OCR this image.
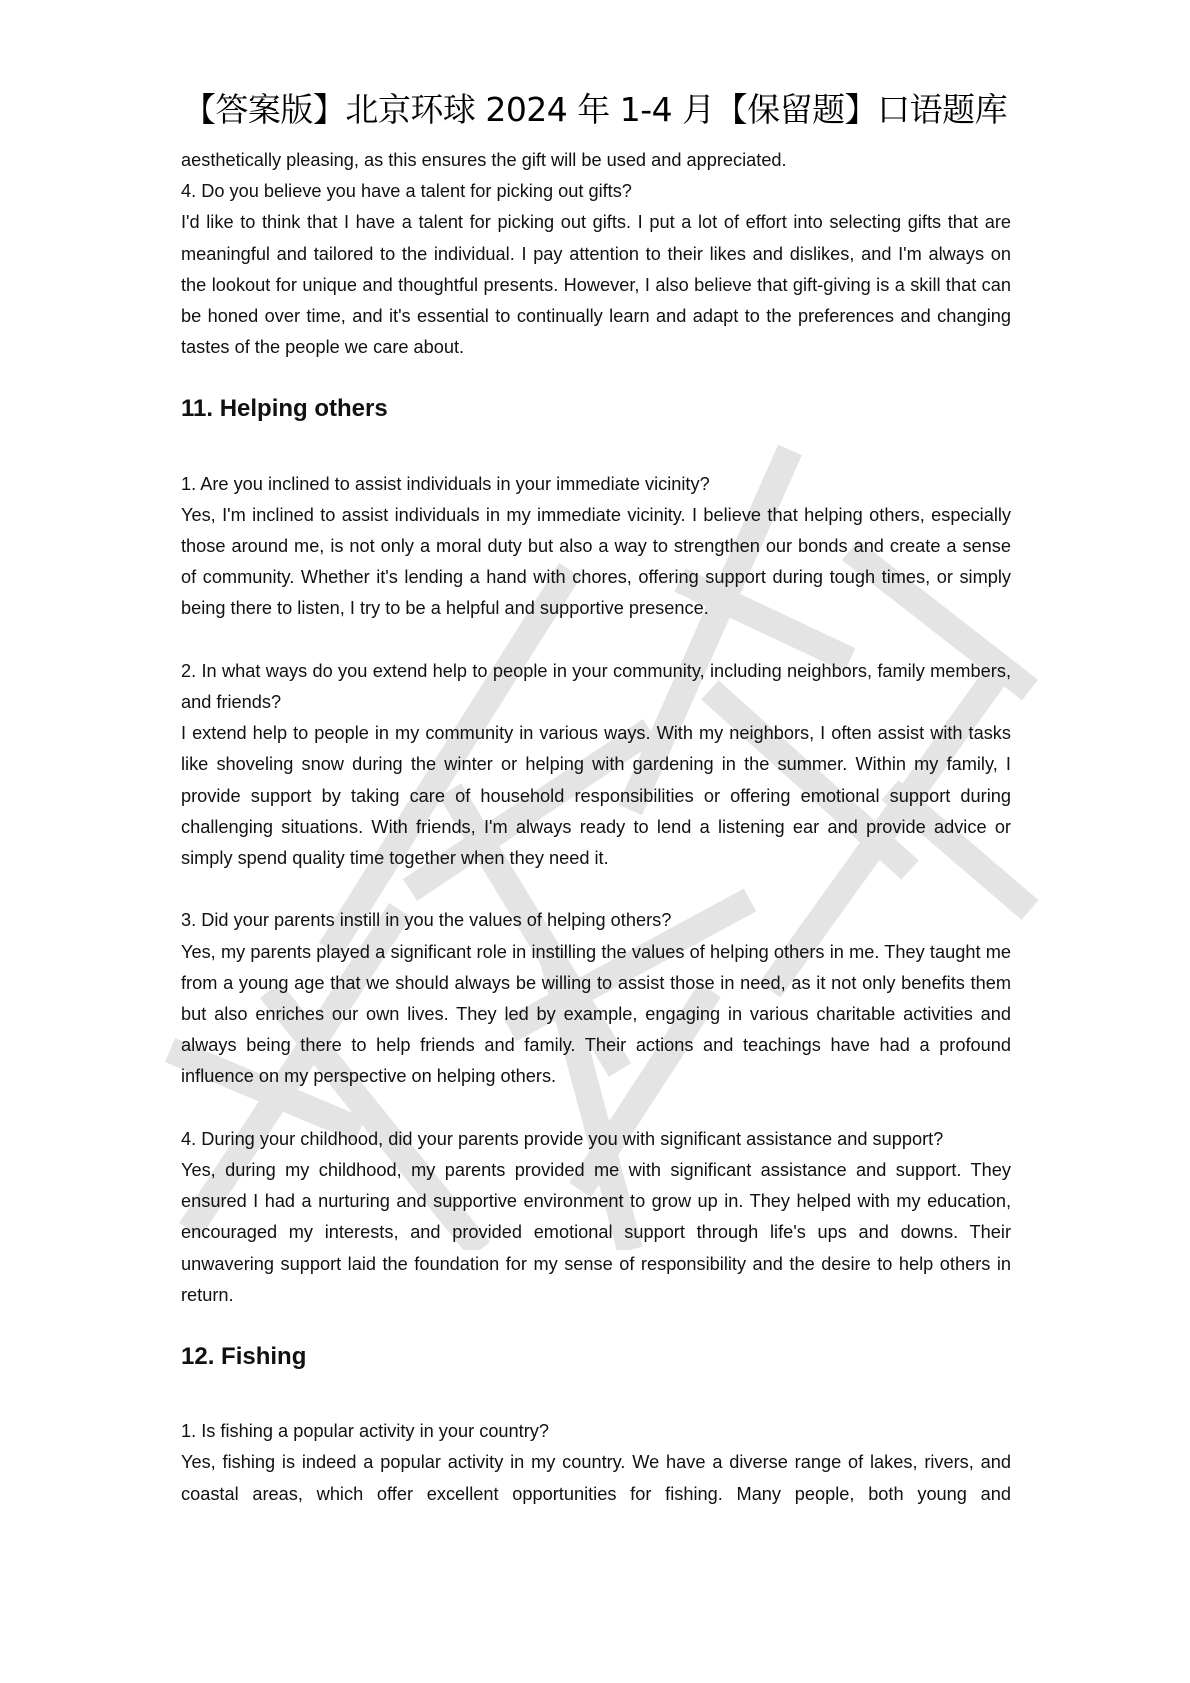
【答案版】北京环球 2024 年 1-4 月【保留题】口语题库

aesthetically pleasing, as this ensures the gift will be used and appreciated.

4. Do you believe you have a talent for picking out gifts?

I'd like to think that I have a talent for picking out gifts. I put a lot of effort into selecting gifts that are meaningful and tailored to the individual. I pay attention to their likes and dislikes, and I'm always on the lookout for unique and thoughtful presents. However, I also believe that gift-giving is a skill that can be honed over time, and it's essential to continually learn and adapt to the preferences and changing tastes of the people we care about.

11. Helping others

1. Are you inclined to assist individuals in your immediate vicinity?

Yes, I'm inclined to assist individuals in my immediate vicinity. I believe that helping others, especially those around me, is not only a moral duty but also a way to strengthen our bonds and create a sense of community. Whether it's lending a hand with chores, offering support during tough times, or simply being there to listen, I try to be a helpful and supportive presence.

2. In what ways do you extend help to people in your community, including neighbors, family members, and friends?

I extend help to people in my community in various ways. With my neighbors, I often assist with tasks like shoveling snow during the winter or helping with gardening in the summer. Within my family, I provide support by taking care of household responsibilities or offering emotional support during challenging situations. With friends, I'm always ready to lend a listening ear and provide advice or simply spend quality time together when they need it.

3. Did your parents instill in you the values of helping others?

Yes, my parents played a significant role in instilling the values of helping others in me. They taught me from a young age that we should always be willing to assist those in need, as it not only benefits them but also enriches our own lives. They led by example, engaging in various charitable activities and always being there to help friends and family. Their actions and teachings have had a profound influence on my perspective on helping others.

4. During your childhood, did your parents provide you with significant assistance and support?

Yes, during my childhood, my parents provided me with significant assistance and support. They ensured I had a nurturing and supportive environment to grow up in. They helped with my education, encouraged my interests, and provided emotional support through life's ups and downs. Their unwavering support laid the foundation for my sense of responsibility and the desire to help others in return.

12. Fishing

1. Is fishing a popular activity in your country?

Yes, fishing is indeed a popular activity in my country. We have a diverse range of lakes, rivers, and coastal areas, which offer excellent opportunities for fishing. Many people, both young and
